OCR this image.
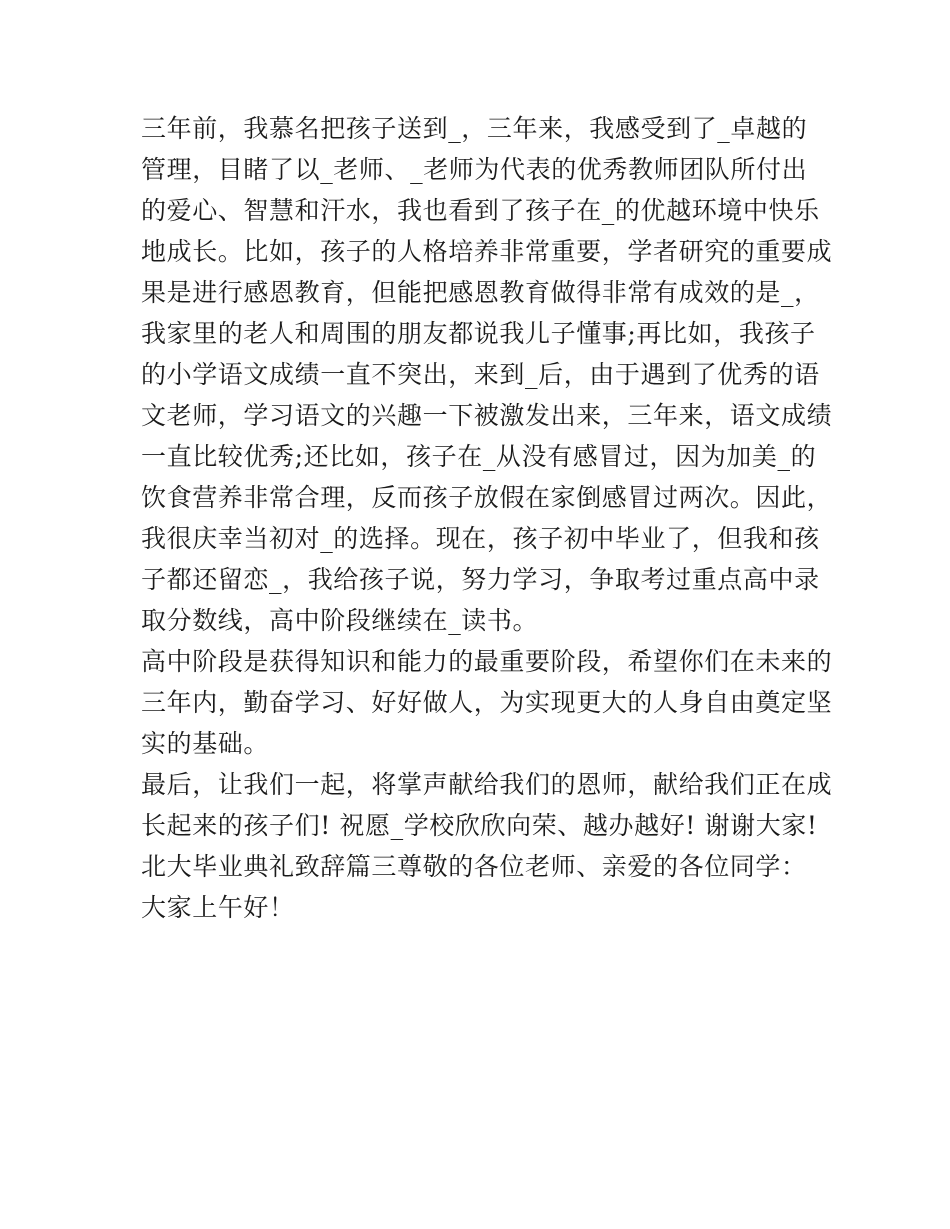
三年前，我慕名把孩子送到_，三年来，我感受到了_卓越的
管理，目睹了以_老师、_老师为代表的优秀教师团队所付出
的爱心、智慧和汗水，我也看到了孩子在_的优越环境中快乐
地成长。比如，孩子的人格培养非常重要，学者研究的重要成
果是进行感恩教育，但能把感恩教育做得非常有成效的是_，
我家里的老人和周围的朋友都说我儿子懂事;再比如，我孩子
的小学语文成绩一直不突出，来到_后，由于遇到了优秀的语
文老师，学习语文的兴趣一下被激发出来，三年来，语文成绩
一直比较优秀;还比如，孩子在_从没有感冒过，因为加美_的
饮食营养非常合理，反而孩子放假在家倒感冒过两次。因此，
我很庆幸当初对_的选择。现在，孩子初中毕业了，但我和孩
子都还留恋_，我给孩子说，努力学习，争取考过重点高中录
取分数线，高中阶段继续在_读书。
高中阶段是获得知识和能力的最重要阶段，希望你们在未来的
三年内，勤奋学习、好好做人，为实现更大的人身自由奠定坚
实的基础。
最后，让我们一起，将掌声献给我们的恩师，献给我们正在成
长起来的孩子们! 祝愿_学校欣欣向荣、越办越好! 谢谢大家!
北大毕业典礼致辞篇三尊敬的各位老师、亲爱的各位同学：
大家上午好！
